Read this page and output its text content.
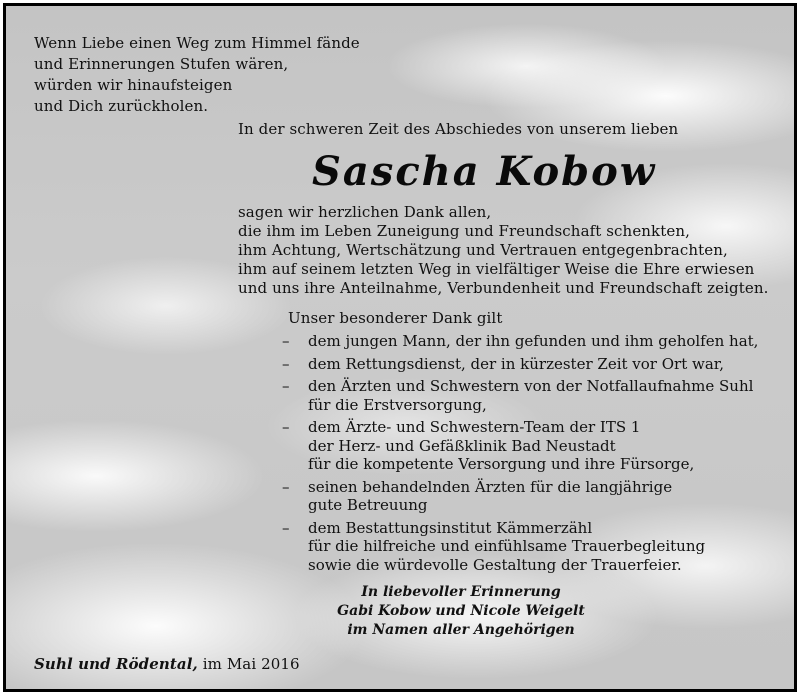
Wenn Liebe einen Weg zum Himmel fände
und Erinnerungen Stufen wären,
würden wir hinaufsteigen
und Dich zurückholen.
In der schweren Zeit des Abschiedes von unserem lieben
Sascha Kobow
sagen wir herzlichen Dank allen,
die ihm im Leben Zuneigung und Freundschaft schenkten,
ihm Achtung, Wertschätzung und Vertrauen entgegenbrachten,
ihm auf seinem letzten Weg in vielfältiger Weise die Ehre erwiesen
und uns ihre Anteilnahme, Verbundenheit und Freundschaft zeigten.
Unser besonderer Dank gilt
– dem jungen Mann, der ihn gefunden und ihm geholfen hat,
– dem Rettungsdienst, der in kürzester Zeit vor Ort war,
– den Ärzten und Schwestern von der Notfallaufnahme Suhl
für die Erstversorgung,
– dem Ärzte- und Schwestern-Team der ITS 1
der Herz- und Gefäßklinik Bad Neustadt
für die kompetente Versorgung und ihre Fürsorge,
– seinen behandelnden Ärzten für die langjährige
gute Betreuung
– dem Bestattungsinstitut Kämmerzähl
für die hilfreiche und einfühlsame Trauerbegleitung
sowie die würdevolle Gestaltung der Trauerfeier.
In liebevoller Erinnerung
Gabi Kobow und Nicole Weigelt
im Namen aller Angehörigen
Suhl und Rödental, im Mai 2016
